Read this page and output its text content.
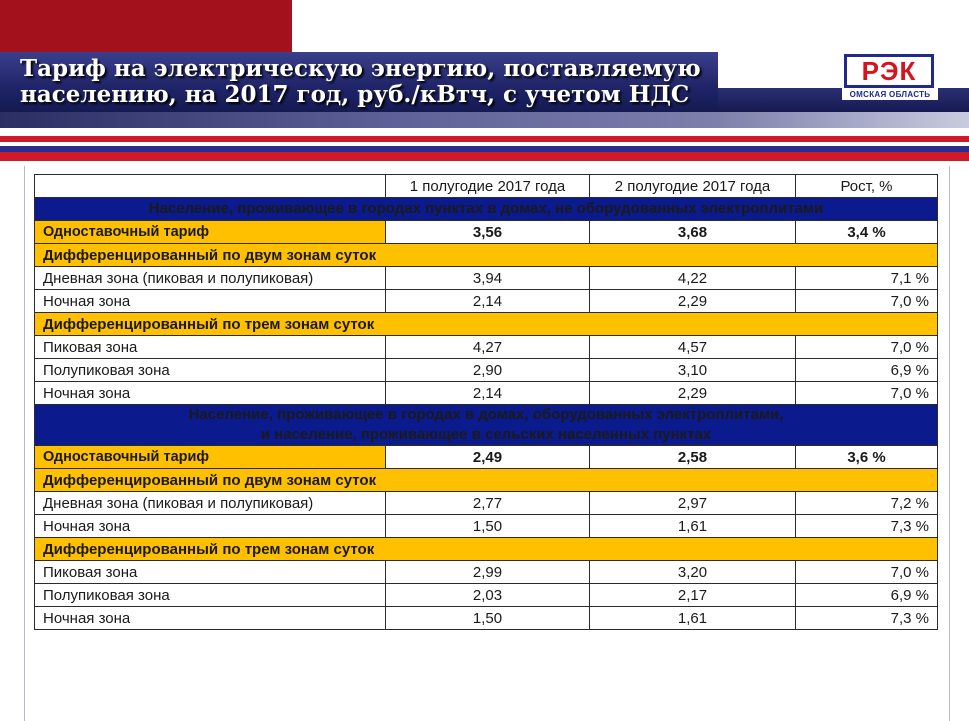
Тариф на электрическую энергию, поставляемую
населению, на 2017 год, руб./кВтч, с учетом НДС
РЭК
ОМСКАЯ ОБЛАСТЬ
	1 полугодие 2017 года	2 полугодие 2017 года	Рост, %
Население, проживающее в городах пунктах в домах, не оборудованных электроплитами			
Одноставочный тариф	3,56	3,68	3,4 %
Дифференцированный по двум зонам суток			
Дневная зона (пиковая и полупиковая)	3,94	4,22	7,1 %
Ночная зона	2,14	2,29	7,0 %
Дифференцированный по трем зонам суток			
Пиковая зона	4,27	4,57	7,0 %
Полупиковая зона	2,90	3,10	6,9 %
Ночная зона	2,14	2,29	7,0 %

Население, проживающее в городах в домах, оборудованных электроплитами,
и население, проживающее в сельских населенных пунктах			

Одноставочный тариф	2,49	2,58	3,6 %
Дифференцированный по двум зонам суток			
Дневная зона (пиковая и полупиковая)	2,77	2,97	7,2 %
Ночная зона	1,50	1,61	7,3 %
Дифференцированный по трем зонам суток			
Пиковая зона	2,99	3,20	7,0 %
Полупиковая зона	2,03	2,17	6,9 %
Ночная зона	1,50	1,61	7,3 %
